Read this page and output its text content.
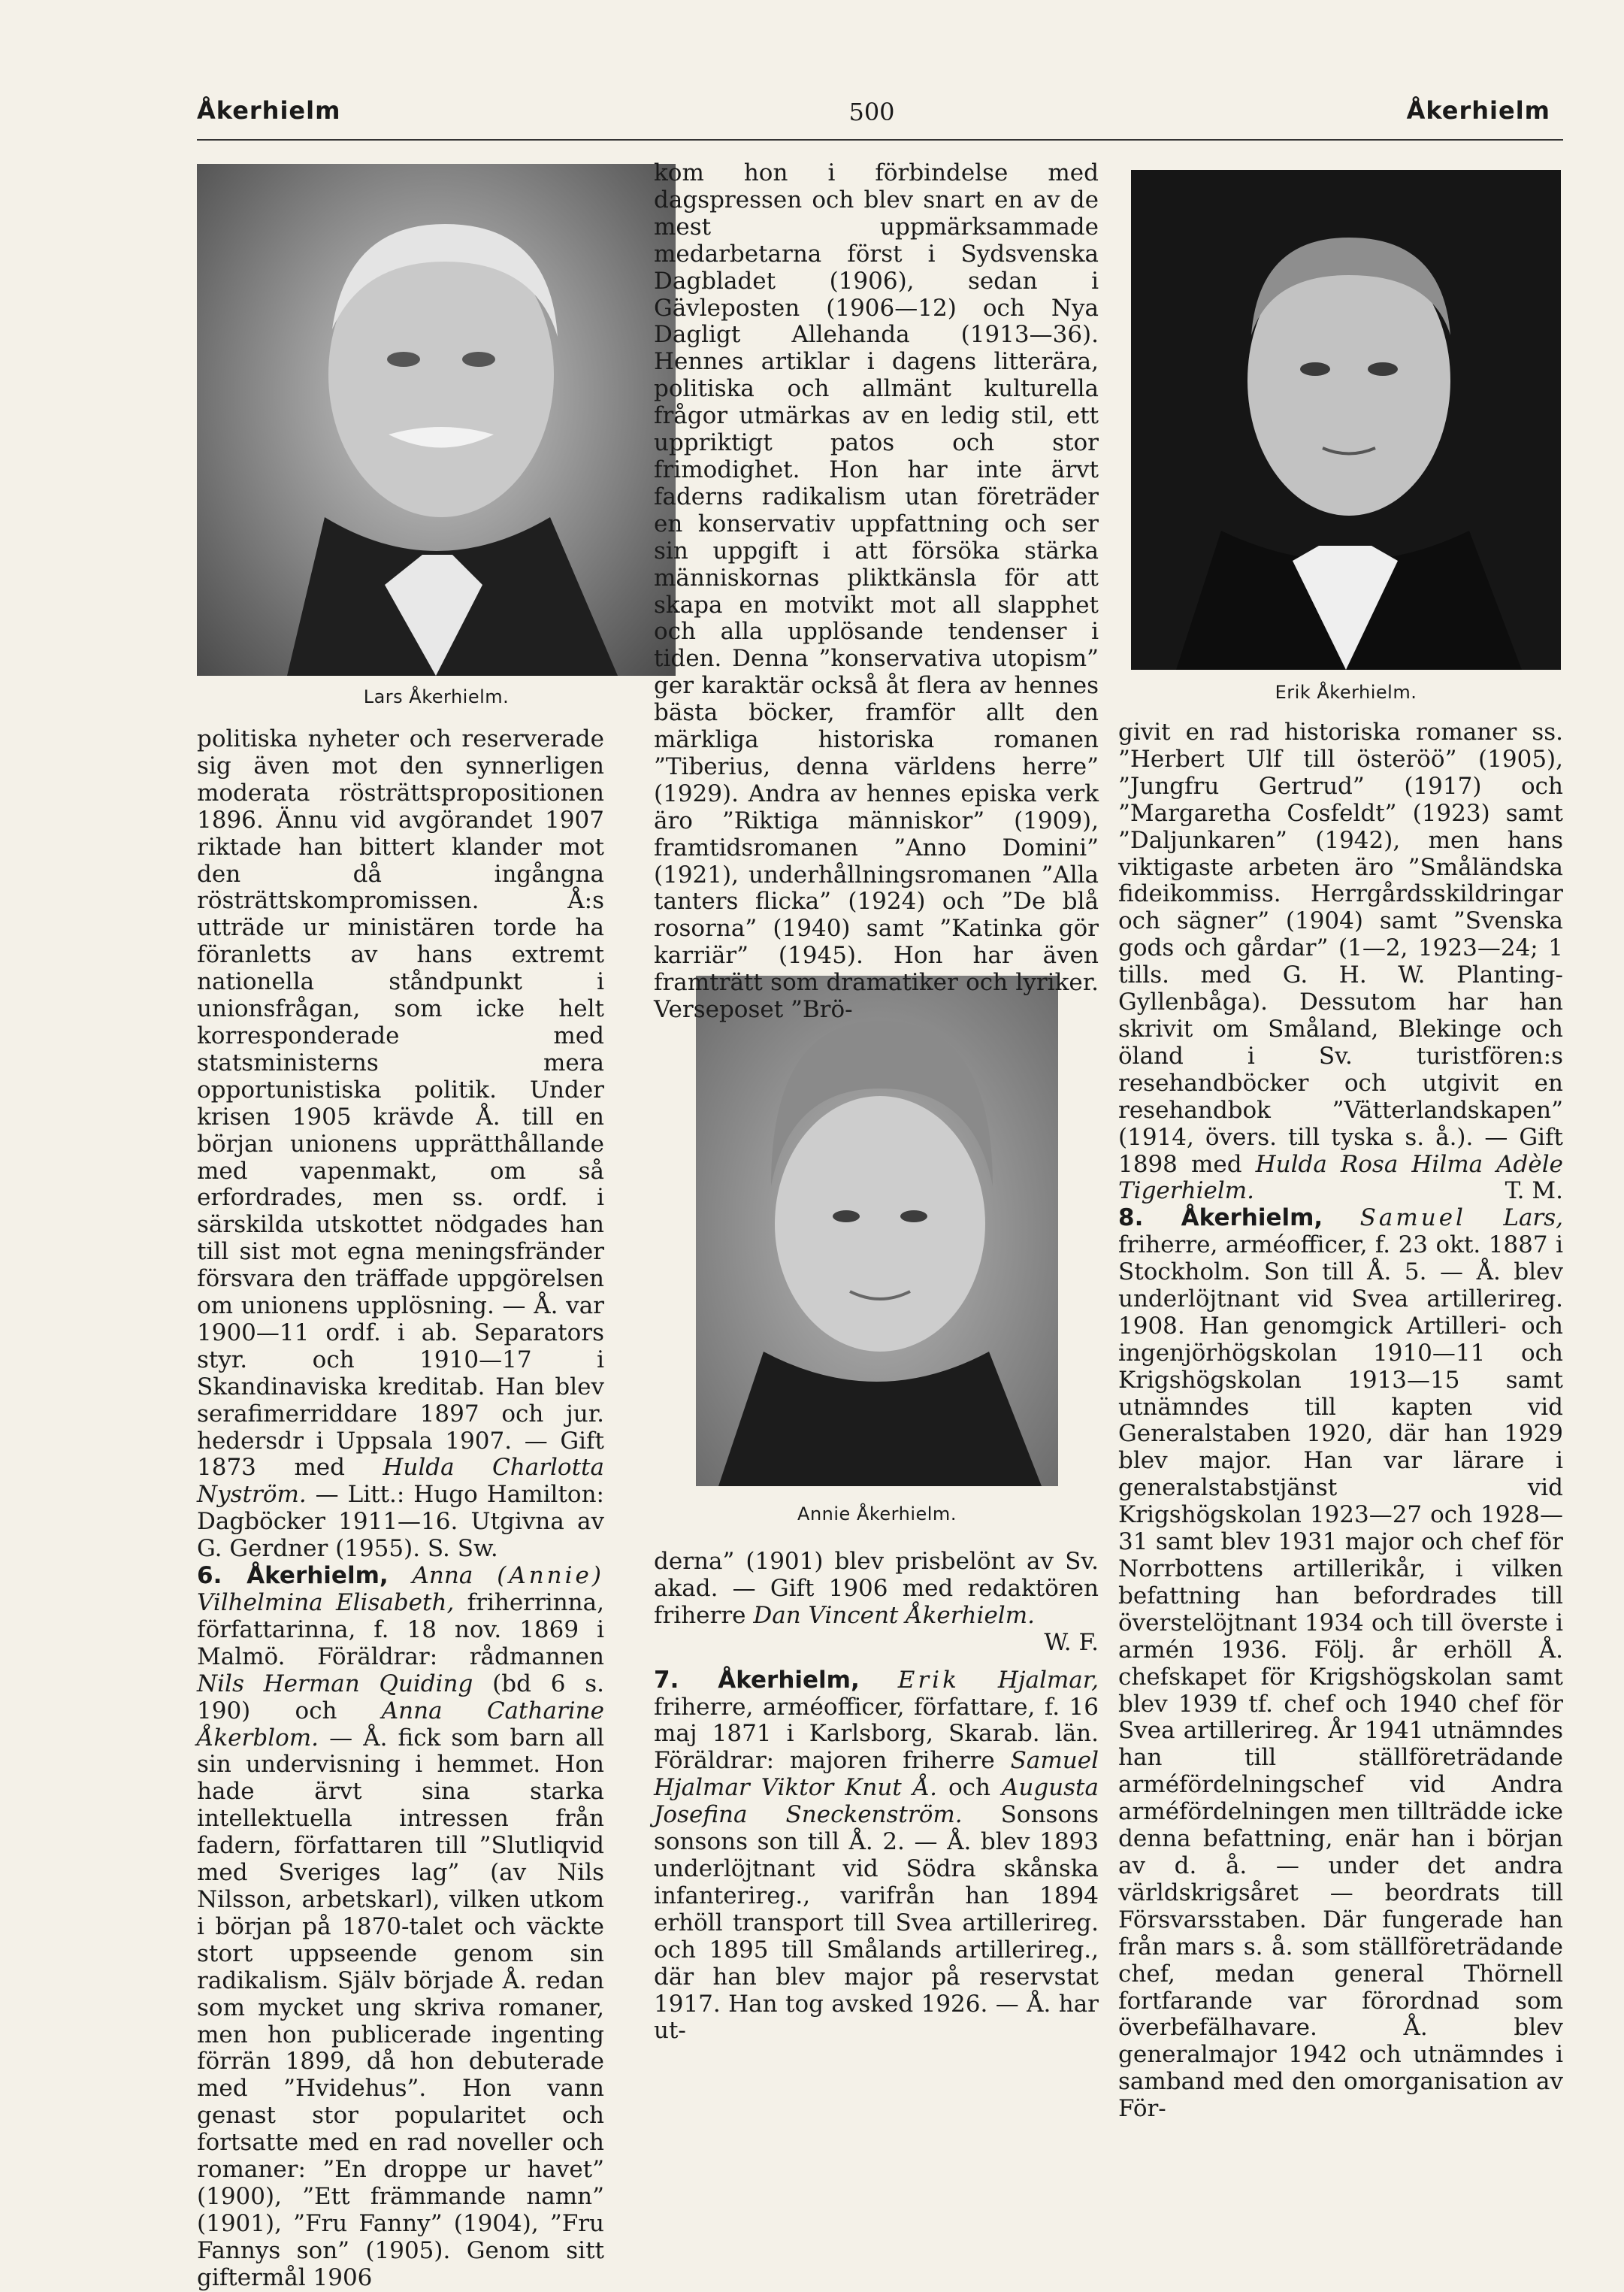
Åkerhielm	500	Åkerhielm
Lars Åkerhielm.	Erik Åkerhielm.
Annie Åkerhielm.

politiska nyheter och reserverade sig även mot den synnerligen moderata rösträttspropositionen 1896. Ännu vid avgörandet 1907 riktade han bittert klander mot den då ingångna rösträttskompromissen. Å:s utträde ur ministären torde ha föranletts av hans extremt nationella ståndpunkt i unionsfrågan, som icke helt korresponderade med statsministerns mera opportunistiska politik. Under krisen 1905 krävde Å. till en början unionens upprätthållande med vapenmakt, om så erfordrades, men ss. ordf. i särskilda utskottet nödgades han till sist mot egna meningsfränder försvara den träffade uppgörelsen om unionens upplösning. — Å. var 1900—11 ordf. i ab. Separators styr. och 1910—17 i Skandinaviska kreditab. Han blev serafimerriddare 1897 och jur. hedersdr i Uppsala 1907. — Gift 1873 med Hulda Charlotta Nyström. — Litt.: Hugo Hamilton: Dagböcker 1911—16. Utgivna av G. Gerdner (1955). S. Sw.

6. Åkerhielm, Anna (Annie) Vilhelmina Elisabeth, friherrinna, författarinna, f. 18 nov. 1869 i Malmö. Föräldrar: rådmannen Nils Herman Quiding (bd 6 s. 190) och Anna Catharine Åkerblom. — Å. fick som barn all sin undervisning i hemmet. Hon hade ärvt sina starka intellektuella intressen från fadern, författaren till ”Slutliqvid med Sveriges lag” (av Nils Nilsson, arbetskarl), vilken utkom i början på 1870-talet och väckte stort uppseende genom sin radikalism. Själv började Å. redan som mycket ung skriva romaner, men hon publicerade ingenting förrän 1899, då hon debuterade med ”Hvidehus”. Hon vann genast stor popularitet och fortsatte med en rad noveller och romaner: ”En droppe ur havet” (1900), ”Ett främmande namn” (1901), ”Fru Fanny” (1904), ”Fru Fannys son” (1905). Genom sitt giftermål 1906

kom hon i förbindelse med dagspressen och blev snart en av de mest uppmärksammade medarbetarna först i Sydsvenska Dagbladet (1906), sedan i Gävleposten (1906—12) och Nya Dagligt Allehanda (1913—36). Hennes artiklar i dagens litterära, politiska och allmänt kulturella frågor utmärkas av en ledig stil, ett uppriktigt patos och stor frimodighet. Hon har inte ärvt faderns radikalism utan företräder en konservativ uppfattning och ser sin uppgift i att försöka stärka människornas pliktkänsla för att skapa en motvikt mot all slapphet och alla upplösande tendenser i tiden. Denna ”konservativa utopism” ger karaktär också åt flera av hennes bästa böcker, framför allt den märkliga historiska romanen ”Tiberius, denna världens herre” (1929). Andra av hennes episka verk äro ”Riktiga människor” (1909), framtidsromanen ”Anno Domini” (1921), underhållningsromanen ”Alla tanters flicka” (1924) och ”De blå rosorna” (1940) samt ”Katinka gör karriär” (1945). Hon har även framträtt som dramatiker och lyriker. Verseposet ”Brö-

derna” (1901) blev prisbelönt av Sv. akad. — Gift 1906 med redaktören friherre Dan Vincent Åkerhielm.

W. F.

7. Åkerhielm, Erik Hjalmar, friherre, arméofficer, författare, f. 16 maj 1871 i Karlsborg, Skarab. län. Föräldrar: majoren friherre Samuel Hjalmar Viktor Knut Å. och Augusta Josefina Sneckenström. Sonsons sonsons son till Å. 2. — Å. blev 1893 underlöjtnant vid Södra skånska infanterireg., varifrån han 1894 erhöll transport till Svea artillerireg. och 1895 till Smålands artillerireg., där han blev major på reservstat 1917. Han tog avsked 1926. — Å. har ut-

givit en rad historiska romaner ss. ”Herbert Ulf till österöö” (1905), ”Jungfru Gertrud” (1917) och ”Margaretha Cosfeldt” (1923) samt ”Daljunkaren” (1942), men hans viktigaste arbeten äro ”Småländska fideikommiss. Herrgårdsskildringar och sägner” (1904) samt ”Svenska gods och gårdar” (1—2, 1923—24; 1 tills. med G. H. W. Planting-Gyllenbåga). Dessutom har han skrivit om Småland, Blekinge och öland i Sv. turistfören:s resehandböcker och utgivit en resehandbok ”Vätterlandskapen” (1914, övers. till tyska s. å.). — Gift 1898 med Hulda Rosa Hilma Adèle Tigerhielm.	T. M.

8. Åkerhielm, Samuel Lars, friherre, arméofficer, f. 23 okt. 1887 i Stockholm. Son till Å. 5. — Å. blev underlöjtnant vid Svea artillerireg. 1908. Han genomgick Artilleri- och ingenjörhögskolan 1910—11 och Krigshögskolan 1913—15 samt utnämndes till kapten vid Generalstaben 1920, där han 1929 blev major. Han var lärare i generalstabstjänst vid Krigshögskolan 1923—27 och 1928—31 samt blev 1931 major och chef för Norrbottens artillerikår, i vilken befattning han befordrades till överstelöjtnant 1934 och till överste i armén 1936. Följ. år erhöll Å. chefskapet för Krigshögskolan samt blev 1939 tf. chef och 1940 chef för Svea artillerireg. År 1941 utnämndes han till ställföreträdande arméfördelningschef vid Andra arméfördelningen men tillträdde icke denna befattning, enär han i början av d. å. — under det andra världskrigsåret — beordrats till Försvarsstaben. Där fungerade han från mars s. å. som ställföreträdande chef, medan general Thörnell fortfarande var förordnad som överbefälhavare. Å. blev generalmajor 1942 och utnämndes i samband med den omorganisation av För-
